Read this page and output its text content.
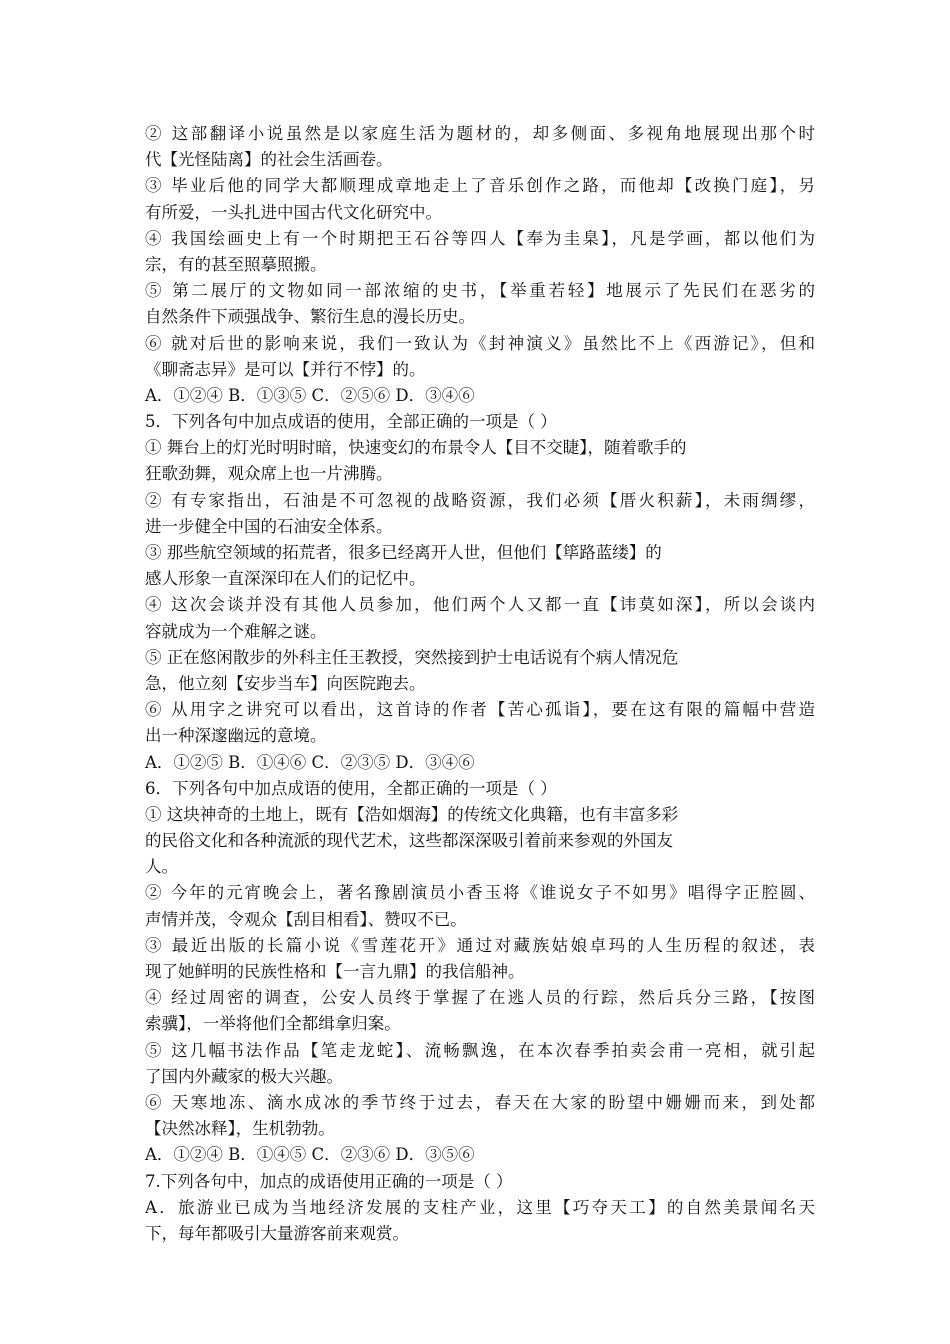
② 这部翻译小说虽然是以家庭生活为题材的，却多侧面、多视角地展现出那个时
代【光怪陆离】的社会生活画卷。
③ 毕业后他的同学大都顺理成章地走上了音乐创作之路，而他却【改换门庭】，另
有所爱，一头扎进中国古代文化研究中。
④ 我国绘画史上有一个时期把王石谷等四人【奉为圭臬】，凡是学画，都以他们为
宗，有的甚至照摹照搬。
⑤ 第二展厅的文物如同一部浓缩的史书，【举重若轻】地展示了先民们在恶劣的
自然条件下顽强战争、繁衍生息的漫长历史。
⑥ 就对后世的影响来说，我们一致认为《封神演义》虽然比不上《西游记》，但和
《聊斋志异》是可以【并行不悖】的。
A．①②④ B．①③⑤ C．②⑤⑥ D．③④⑥
5．下列各句中加点成语的使用，全部正确的一项是（ ）
① 舞台上的灯光时明时暗，快速变幻的布景令人【目不交睫】，随着歌手的
狂歌劲舞，观众席上也一片沸腾。
② 有专家指出，石油是不可忽视的战略资源，我们必须【厝火积薪】，未雨绸缪，
进一步健全中国的石油安全体系。
③ 那些航空领域的拓荒者，很多已经离开人世，但他们【筚路蓝缕】的
感人形象一直深深印在人们的记忆中。
④ 这次会谈并没有其他人员参加，他们两个人又都一直【讳莫如深】，所以会谈内
容就成为一个难解之谜。
⑤ 正在悠闲散步的外科主任王教授，突然接到护士电话说有个病人情况危
急，他立刻【安步当车】向医院跑去。
⑥ 从用字之讲究可以看出，这首诗的作者【苦心孤诣】，要在这有限的篇幅中营造
出一种深邃幽远的意境。
A．①②⑤ B．①④⑥ C．②③⑤ D．③④⑥
6．下列各句中加点成语的使用，全都正确的一项是（ ）
① 这块神奇的土地上，既有【浩如烟海】的传统文化典籍，也有丰富多彩
的民俗文化和各种流派的现代艺术，这些都深深吸引着前来参观的外国友
人。
② 今年的元宵晚会上，著名豫剧演员小香玉将《谁说女子不如男》唱得字正腔圆、
声情并茂，令观众【刮目相看】、赞叹不已。
③ 最近出版的长篇小说《雪莲花开》通过对藏族姑娘卓玛的人生历程的叙述，表
现了她鲜明的民族性格和【一言九鼎】的我信船神。
④ 经过周密的调查，公安人员终于掌握了在逃人员的行踪，然后兵分三路，【按图
索骥】，一举将他们全都缉拿归案。
⑤ 这几幅书法作品【笔走龙蛇】、流畅飘逸，在本次春季拍卖会甫一亮相，就引起
了国内外藏家的极大兴趣。
⑥ 天寒地冻、滴水成冰的季节终于过去，春天在大家的盼望中姗姗而来，到处都
【决然冰释】，生机勃勃。
A．①②④ B．①④⑤ C．②③⑥ D．③⑤⑥
7.下列各句中，加点的成语使用正确的一项是（ ）
A．旅游业已成为当地经济发展的支柱产业，这里【巧夺天工】的自然美景闻名天
下，每年都吸引大量游客前来观赏。
